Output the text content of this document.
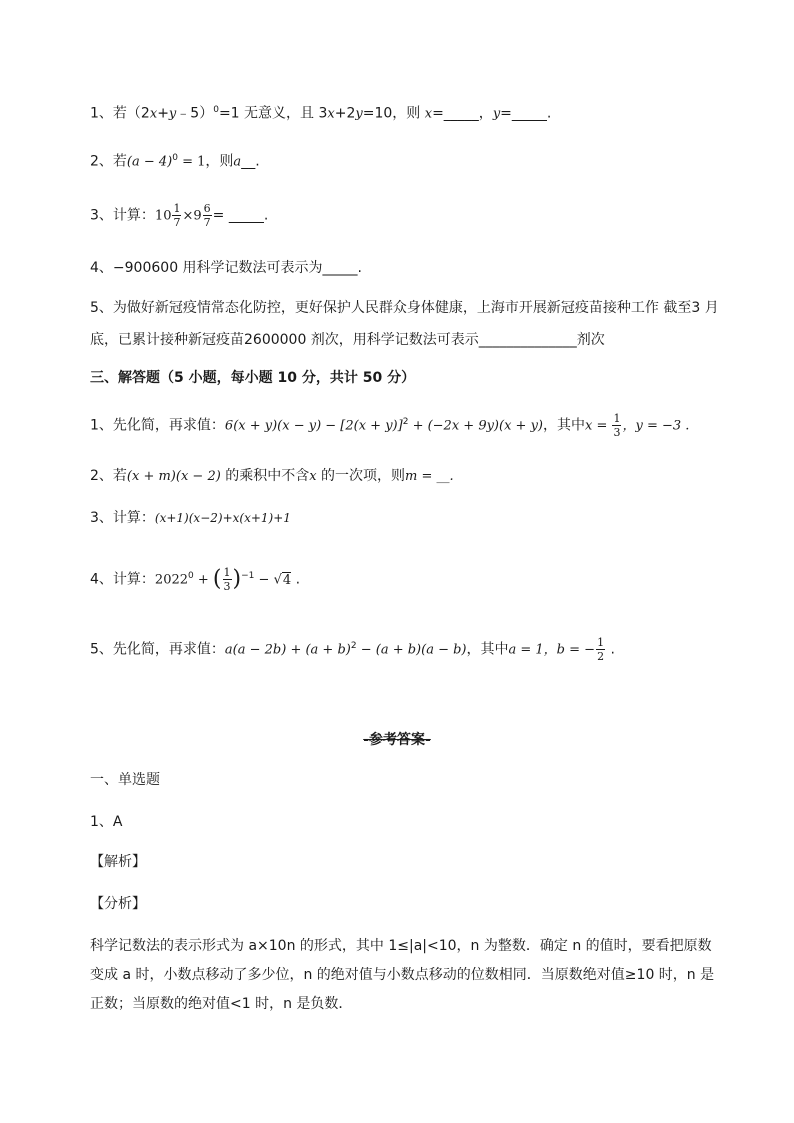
1、若（2x+y﹣5）$^0$=1 无意义，且 3x+2y=10，则 x=_____，y=_____.
2、若$(a - 4)^0 = 1$，则a__.
3、计算：$10 \frac{1}{7} \times 9 \frac{6}{7}$ = _____.
4、−900600 用科学记数法可表示为_____.
5、为做好新冠疫情常态化防控，更好保护人民群众身体健康，上海市开展新冠疫苗接种工作 截至3 月底，已累计接种新冠疫苗2600000 剂次，用科学记数法可表示______________剂次
三、解答题（5 小题，每小题 10 分，共计 50 分）
1、先化简，再求值：$6(x + y)(x - y) - [2(x + y)]^2 + (-2x + 9y)(x + y)$，其中$x = \frac{1}{3}$ ，y = −3 .
2、若(x + m)(x − 2) 的乘积中不含x 的一次项，则m = __.
3、计算：(x+1)(x−2)+x(x+1)+1
4、计算：$2022^0$ + ( $\frac{1}{3} )^{-1} - √4$ .
5、先化简，再求值：$a(a - 2b) + (a + b)^2 - (a + b)(a - b)$，其中a = 1，b = − $\frac{1}{2}$ .
-参考答案-
一、单选题
1、A
【解析】
【分析】
科学记数法的表示形式为 a×10n 的形式，其中 1≤|a|<10，n 为整数．确定 n 的值时，要看把原数变成 a 时，小数点移动了多少位，n 的绝对值与小数点移动的位数相同．当原数绝对值≥10 时，n 是正数；当原数的绝对值<1 时，n 是负数．
